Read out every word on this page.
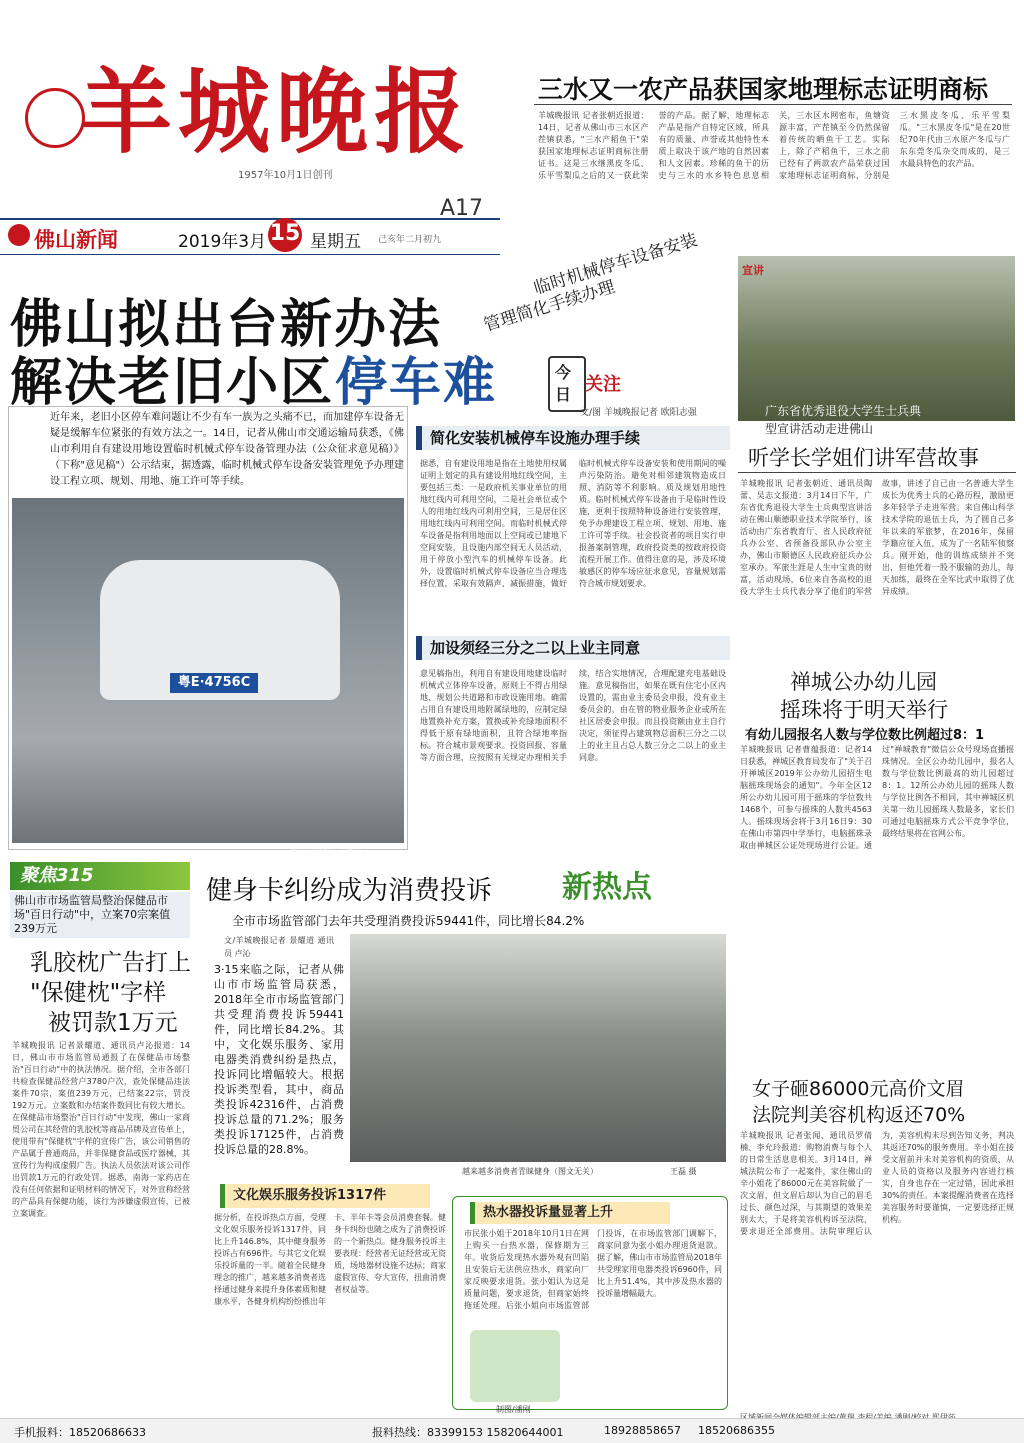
羊城晚报
1957年10月1日创刊
三水又一农产品获国家地理标志证明商标
羊城晚报讯 记者张朝近报道：14日，记者从佛山市三水区产茬镇获悉，"三水产稻鱼干"荣获国家地理标志证明商标注册证书。这是三水继黑皮冬瓜、乐平雪梨瓜之后的又一获此荣誉的产品。据了解，地理标志产品是指产自特定区域，所具有的质量、声誉或其他特性本质上取决于该产地的自然因素和人文因素。珍稀的鱼干的历史与三水的水乡特色息息相关，三水区水网密布，鱼塘资源丰富，产茬镇至今仍然保留着传统的晒鱼干工艺。实际上，除了产稻鱼干，三水之前已经有了两款农产品荣获过国家地理标志证明商标，分别是三水黑皮冬瓜、乐平雪梨瓜。"三水黑皮冬瓜"是在20世纪70年代由三水原产冬瓜与广东东莞冬瓜杂交而成的，是三水最具特色的农产品。
佛山新闻
A17
2019年3月 15 星期五 己亥年二月初九
佛山拟出台新办法
解决老旧小区 停车难
临时机械停车设备安装
管理简化手续办理
今
日 关注
文/图 羊城晚报记者 欧阳志强
近年来，老旧小区停车难问题让不少有车一族为之头痛不已，而加建停车设备无疑是缓解车位紧张的有效方法之一。14日，记者从佛山市交通运输局获悉，《佛山市利用自有建设用地设置临时机械式停车设备管理办法（公众征求意见稿）》（下称"意见稿"）公示结束，据透露，临时机械式停车设备安装管理免予办理建设工程立项、规划、用地、施工许可等手续。
粤E·4756C
临时机械式停车设备
简化安装机械停车设施办理手续
据悉，自有建设用地是指在土地使用权属证明上划定的具有建设用地红线空间，主要包括三类：一是政府机关事业单位的用地红线内可利用空间，二是社会单位或个人的用地红线内可利用空间，三是居住区用地红线内可利用空间。而临时机械式停车设备是指利用地面以上空间或已建地下空间安装，且设施内部空间无人员活动，用于停放小型汽车的机械停车设备。此外，设置临时机械式停车设备应当合理选择位置，采取有效隔声、减振措施，做好临时机械式停车设备安装和使用期间的噪声污染防治。避免对相邻建筑物造成日照、消防等不利影响。质及规划用地性质。临时机械式停车设备由于是临时性设施，更利于按照特种设备进行安装管理，免予办理建设工程立项、规划、用地、施工许可等手续。社会投资者的项目实行申报备案制管理，政府投资类的按政府投资流程开展工作。值得注意的是，涉及环境敏感区的停车场应征求意见，容量规划需符合城市规划要求。
加设须经三分之二以上业主同意
意见稿指出，利用自有建设用地建设临时机械式立体停车设备，原则上不得占用绿地、规划公共道路和市政设施用地。确需占用自有建设用地附属绿地的，应制定绿地置换补充方案，置换或补充绿地面积不得低于原有绿地面积，且符合绿地率指标。符合城市景观要求。投资回报、容量等方面合理，应按照有关规定办理相关手续，结合实地情况，合理配建充电基础设施。意见稿指出，如果在既有住宅小区内设置的，需由业主委员会申报，没有业主委员会的，由在管的物业服务企业或所在社区居委会申报。而且投资额由业主自行决定，须征得占建筑物总面积三分之二以上的业主且占总人数三分之二以上的业主同意。
宣讲
广东省优秀退役大学生士兵典
型宣讲活动走进佛山
听学长学姐们讲军营故事
羊城晚报讯 记者张朝近、通讯员陶蕾、吴志文报道：3月14日下午，广东省优秀退役大学生士兵典型宣讲活动在佛山顺德职业技术学院举行，该活动由广东省教育厅、省人民政府征兵办公室、省预备役部队办公室主办，佛山市顺德区人民政府征兵办公室承办。军旅生涯是人生中宝贵的财富，活动现场，6位来自各高校的退役大学生士兵代表分享了他们的军营故事，讲述了自己由一名普通大学生成长为优秀士兵的心路历程，激励更多年轻学子走进军营。来自佛山科学技术学院的退伍士兵，为了圆自己多年以来的军旅梦，在2016年，保留学籍应征入伍，成为了一名陆军侦察兵。刚开始，他的训练成绩并不突出，但他凭着一股不服输的劲儿，每天加练，最终在全军比武中取得了优异成绩。
禅城公办幼儿园
摇珠将于明天举行
有幼儿园报名人数与学位数比例超过8：1
羊城晚报讯 记者曹蕴报道：记者14日获悉，禅城区教育局发布了"关于召开禅城区2019年公办幼儿园招生电脑摇珠现场会的通知"。今年全区12所公办幼儿园可用于摇珠的学位数共1468个，可参与摇珠的人数共4563人。摇珠现场会将于3月16日9：30在佛山市第四中学举行，电脑摇珠录取由禅城区公证处现场进行公证。通过"禅城教育"微信公众号现场直播摇珠情况。全区公办幼儿园中，报名人数与学位数比例最高的幼儿园超过8：1。12所公办幼儿园的摇珠人数与学位比例各不相同，其中禅城区机关第一幼儿园摇珠人数最多，家长们可通过电脑摇珠方式公平竞争学位，最终结果将在官网公布。
女子砸86000元高价文眉
法院判美容机构返还70%
羊城晚报讯 记者张闻、通讯员罗倩楠、李允玲报道：购物消费与每个人的日常生活息息相关。3月14日，禅城法院公布了一起案件，家住佛山的辛小姐花了86000元在美容院做了一次文眉，但文眉后却认为自己的眉毛过长、颜色过深，与其期望的效果差别太大，于是将美容机构诉至法院，要求退还全部费用。法院审理后认为，美容机构未尽到告知义务，判决其返还70%的服务费用。辛小姐在接受文眉前并未对美容机构的资质、从业人员的资格以及服务内容进行核实，自身也存在一定过错，因此承担30%的责任。本案提醒消费者在选择美容服务时要谨慎，一定要选择正规机构。
聚焦315
佛山市市场监管局整治保健品市场"百日行动"中，立案70宗案值239万元
乳胶枕广告打上
"保健枕"字样
被罚款1万元
羊城晚报讯 记者景耀道、通讯员卢沁报道：14日，佛山市市场监管局通报了在保健品市场整治"百日行动"中的执法情况。据介绍，全市各部门共检查保健品经营户3780户次，查处保健品违法案件70宗，案值239万元，已结案22宗，罚没192万元。立案数和办结案件数同比有较大增长。在保健品市场整治"百日行动"中发现，佛山一家商贸公司在其经营的乳胶枕等商品吊牌及宣传单上，使用带有"保健枕"字样的宣传广告，该公司销售的产品属于普通商品，并非保健食品或医疗器械，其宣传行为构成虚假广告。执法人员依法对该公司作出罚款1万元的行政处罚。据悉，南海一家药店在没有任何依据和证明材料的情况下，对外宣称经营的产品具有保健功能，该行为涉嫌虚假宣传，已被立案调查。
健身卡纠纷成为消费投诉 新热点
全市市场监管部门去年共受理消费投诉59441件，同比增长84.2%
文/羊城晚报记者 景耀道 通讯员 卢沁
3·15来临之际，记者从佛山市市场监管局获悉，2018年全市市场监管部门共受理消费投诉59441件，同比增长84.2%。其中，文化娱乐服务、家用电器类消费纠纷是热点，投诉同比增幅较大。根据投诉类型看，其中，商品类投诉42316件，占消费投诉总量的71.2%；服务类投诉17125件，占消费投诉总量的28.8%。
越来越多消费者青睐健身（图文无关）	王磊 摄
文化娱乐服务投诉1317件
据分析，在投诉热点方面，受理文化娱乐服务投诉1317件，同比上升146.8%，其中健身服务投诉占有696件。与其它文化娱乐投诉量的一半。随着全民健身理念的推广，越来越多消费者选择通过健身来提升身体素质和健康水平，各健身机构纷纷推出年卡、半年卡等会员消费套餐。健身卡纠纷也随之成为了消费投诉的一个新热点。健身服务投诉主要表现：经营者无证经营或无资质，场地器材设施不达标；商家虚假宣传、夸大宣传，扭曲消费者权益等。
热水器投诉量显著上升
市民张小姐于2018年10月1日在网上购买一台热水器，保修期为三年。收货后发现热水器外观有凹陷且安装后无法供应热水，商家向厂家反映要求退货。张小姐认为这是质量问题，要求退货，但商家始终拖延处理。后张小姐向市场监管部门投诉，在市场监管部门调解下，商家同意为张小姐办理退货退款。据了解，佛山市市场监管局2018年共受理家用电器类投诉6960件，同比上升51.4%，其中涉及热水器的投诉量增幅最大。
制图/潘刚
手机报料：18520686633	报料热线：83399153 15820644001	18928858657 18520686355
